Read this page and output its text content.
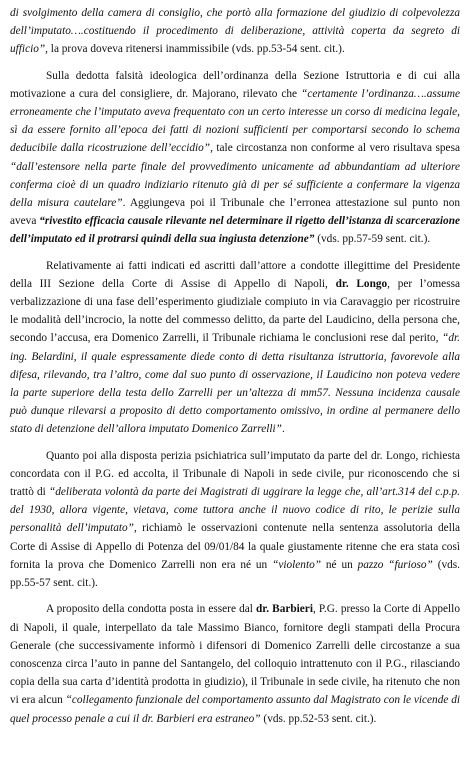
di svolgimento della camera di consiglio, che portò alla formazione del giudizio di colpevolezza dell’imputato….costituendo il procedimento di deliberazione, attività coperta da segreto di ufficio”, la prova doveva ritenersi inammissibile (vds. pp.53-54 sent. cit.).

Sulla dedotta falsità ideologica dell’ordinanza della Sezione Istruttoria e di cui alla motivazione a cura del consigliere, dr. Majorano, rilevato che “certamente l’ordinanza….assume erroneamente che l’imputato aveva frequentato con un certo interesse un corso di medicina legale, sì da essere fornito all’epoca dei fatti di nozioni sufficienti per comportarsi secondo lo schema deducibile dalla ricostruzione dell’eccidio”, tale circostanza non conforme al vero risultava spesa “dall’estensore nella parte finale del provvedimento unicamente ad abbundantiam ad ulteriore conferma cioè di un quadro indiziario ritenuto già di per sé sufficiente a confermare la vigenza della misura cautelare”. Aggiungeva poi il Tribunale che l’erronea attestazione sul punto non aveva “rivestito efficacia causale rilevante nel determinare il rigetto dell’istanza di scarcerazione dell’imputato ed il protrarsi quindi della sua ingiusta detenzione” (vds. pp.57-59 sent. cit.).

Relativamente ai fatti indicati ed ascritti dall’attore a condotte illegittime del Presidente della III Sezione della Corte di Assise di Appello di Napoli, dr. Longo, per l’omessa verbalizzazione di una fase dell’esperimento giudiziale compiuto in via Caravaggio per ricostruire le modalità dell’incrocio, la notte del commesso delitto, da parte del Laudicino, della persona che, secondo l’accusa, era Domenico Zarrelli, il Tribunale richiama le conclusioni rese dal perito, “dr. ing. Belardini, il quale espressamente diede conto di detta risultanza istruttoria, favorevole alla difesa, rilevando, tra l’altro, come dal suo punto di osservazione, il Laudicino non poteva vedere la parte superiore della testa dello Zarrelli per un’altezza di mm57. Nessuna incidenza causale può dunque rilevarsi a proposito di detto comportamento omissivo, in ordine al permanere dello stato di detenzione dell’allora imputato Domenico Zarrelli”.

Quanto poi alla disposta perizia psichiatrica sull’imputato da parte del dr. Longo, richiesta concordata con il P.G. ed accolta, il Tribunale di Napoli in sede civile, pur riconoscendo che si trattò di “deliberata volontà da parte dei Magistrati di uggirare la legge che, all’art.314 del c.p.p. del 1930, allora vigente, vietava, come tuttora anche il nuovo codice di rito, le perizie sulla personalità dell’imputato”, richiamò le osservazioni contenute nella sentenza assolutoria della Corte di Assise di Appello di Potenza del 09/01/84 la quale giustamente ritenne che era stata così fornita la prova che Domenico Zarrelli non era né un “violento” né un pazzo “furioso” (vds. pp.55-57 sent. cit.).

A proposito della condotta posta in essere dal dr. Barbieri, P.G. presso la Corte di Appello di Napoli, il quale, interpellato da tale Massimo Bianco, fornitore degli stampati della Procura Generale (che successivamente informò i difensori di Domenico Zarrelli delle circostanze a sua conoscenza circa l’auto in panne del Santangelo, del colloquio intrattenuto con il P.G., rilasciando copia della sua carta d’identità prodotta in giudizio), il Tribunale in sede civile, ha ritenuto che non vi era alcun “collegamento funzionale del comportamento assunto dal Magistrato con le vicende di quel processo penale a cui il dr. Barbieri era estraneo” (vds. pp.52-53 sent. cit.).
